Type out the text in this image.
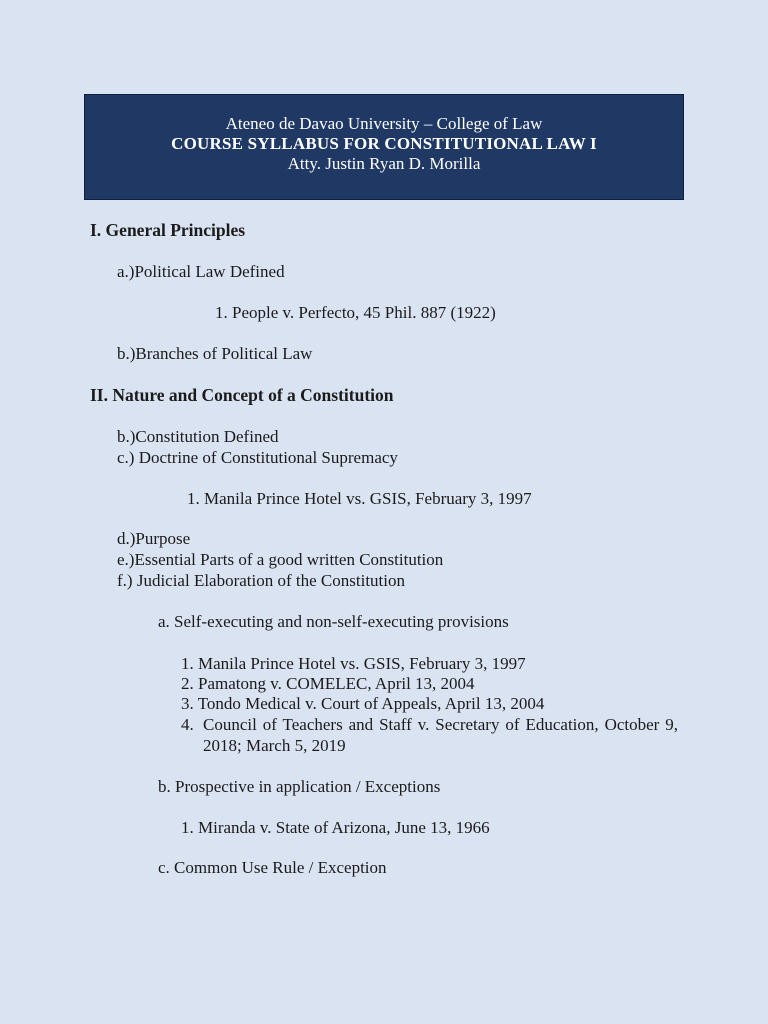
Ateneo de Davao University – College of Law
COURSE SYLLABUS FOR CONSTITUTIONAL LAW I
Atty. Justin Ryan D. Morilla
I. General Principles
a.)Political Law Defined
1. People v. Perfecto, 45 Phil. 887 (1922)
b.)Branches of Political Law
II. Nature and Concept of a Constitution
b.)Constitution Defined
c.) Doctrine of Constitutional Supremacy
1. Manila Prince Hotel vs. GSIS, February 3, 1997
d.)Purpose
e.)Essential Parts of a good written Constitution
f.) Judicial Elaboration of the Constitution
a. Self-executing and non-self-executing provisions
1. Manila Prince Hotel vs. GSIS, February 3, 1997
2. Pamatong v. COMELEC, April 13, 2004
3. Tondo Medical v. Court of Appeals, April 13, 2004
4. Council of Teachers and Staff v. Secretary of Education, October 9, 2018; March 5, 2019
b. Prospective in application / Exceptions
1. Miranda v. State of Arizona, June 13, 1966
c. Common Use Rule / Exception
